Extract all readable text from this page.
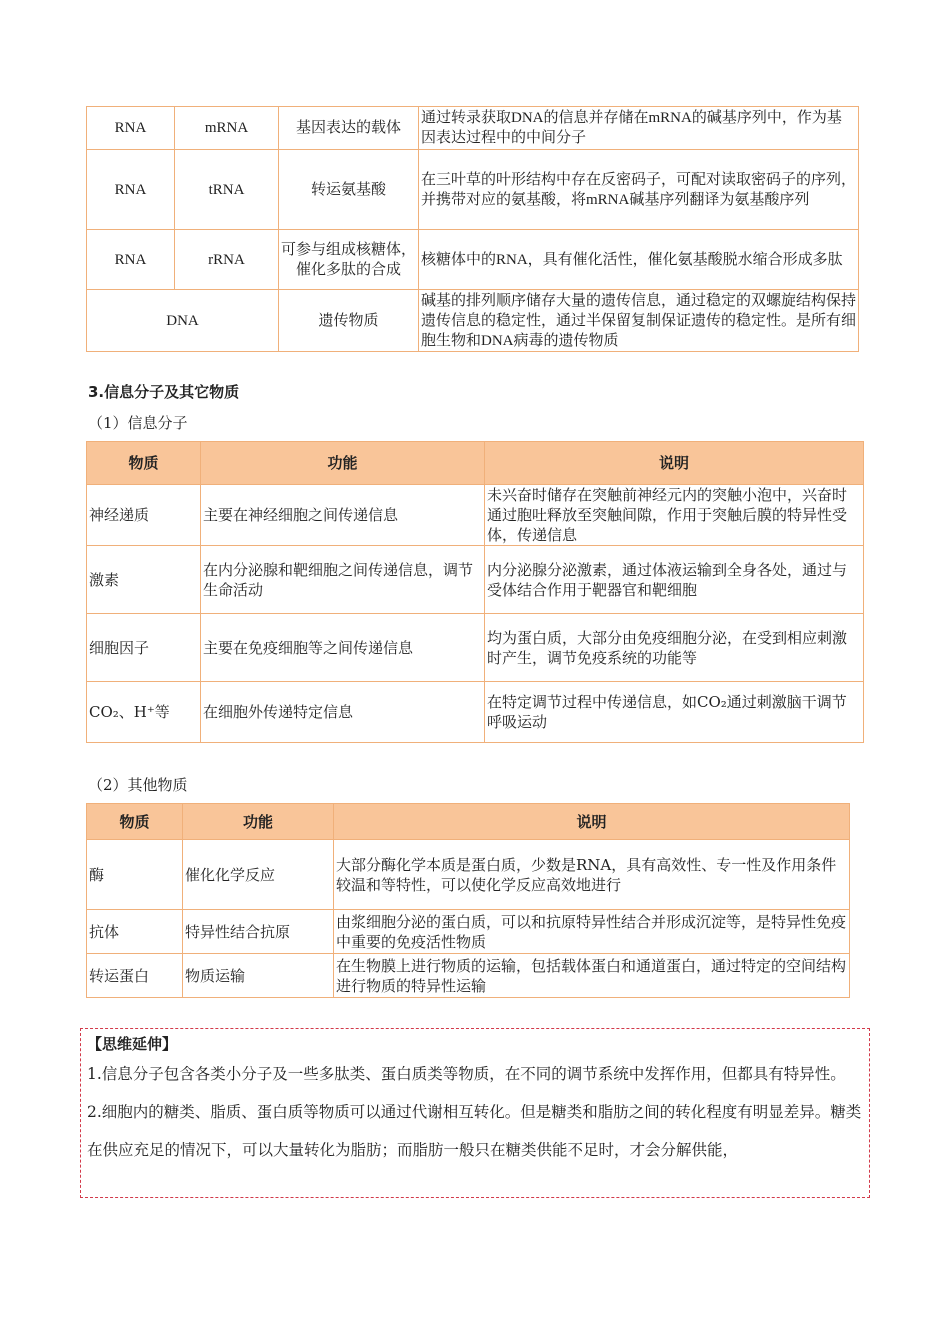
RNA	mRNA	基因表达的载体	通过转录获取DNA的信息并存储在mRNA的碱基序列中，作为基因表达过程中的中间分子
RNA	tRNA	转运氨基酸	在三叶草的叶形结构中存在反密码子，可配对读取密码子的序列，并携带对应的氨基酸，将mRNA碱基序列翻译为氨基酸序列
RNA	rRNA	可参与组成核糖体，催化多肽的合成	核糖体中的RNA，具有催化活性，催化氨基酸脱水缩合形成多肽
DNA		遗传物质	碱基的排列顺序储存大量的遗传信息，通过稳定的双螺旋结构保持遗传信息的稳定性，通过半保留复制保证遗传的稳定性。是所有细胞生物和DNA病毒的遗传物质
3.信息分子及其它物质
（1）信息分子
物质	功能	说明
神经递质	主要在神经细胞之间传递信息	未兴奋时储存在突触前神经元内的突触小泡中，兴奋时通过胞吐释放至突触间隙，作用于突触后膜的特异性受体，传递信息
激素	在内分泌腺和靶细胞之间传递信息，调节生命活动	内分泌腺分泌激素，通过体液运输到全身各处，通过与受体结合作用于靶器官和靶细胞
细胞因子	主要在免疫细胞等之间传递信息	均为蛋白质，大部分由免疫细胞分泌，在受到相应刺激时产生，调节免疫系统的功能等
CO₂、H⁺等	在细胞外传递特定信息	在特定调节过程中传递信息，如CO₂通过刺激脑干调节呼吸运动
（2）其他物质
物质	功能	说明
酶	催化化学反应	大部分酶化学本质是蛋白质，少数是RNA，具有高效性、专一性及作用条件较温和等特性，可以使化学反应高效地进行
抗体	特异性结合抗原	由浆细胞分泌的蛋白质，可以和抗原特异性结合并形成沉淀等，是特异性免疫中重要的免疫活性物质
转运蛋白	物质运输	在生物膜上进行物质的运输，包括载体蛋白和通道蛋白，通过特定的空间结构进行物质的特异性运输
【思维延伸】

1.信息分子包含各类小分子及一些多肽类、蛋白质类等物质，在不同的调节系统中发挥作用，但都具有特异性。

2.细胞内的糖类、脂质、蛋白质等物质可以通过代谢相互转化。但是糖类和脂肪之间的转化程度有明显差异。糖类在供应充足的情况下，可以大量转化为脂肪；而脂肪一般只在糖类供能不足时，才会分解供能，
